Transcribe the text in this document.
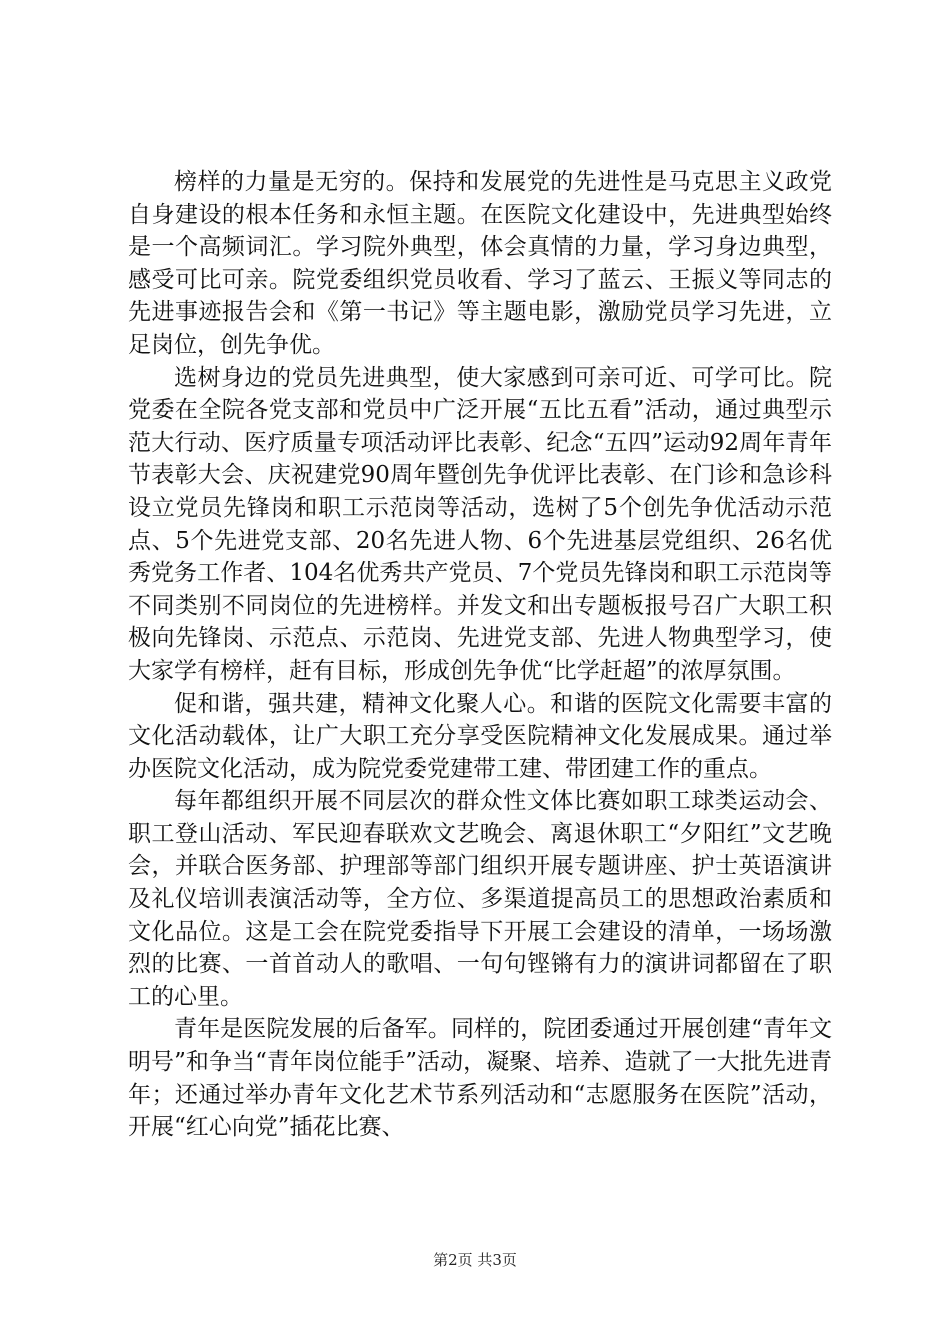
榜样的力量是无穷的。保持和发展党的先进性是马克思主义政党自身建设的根本任务和永恒主题。在医院文化建设中，先进典型始终是一个高频词汇。学习院外典型，体会真情的力量，学习身边典型，感受可比可亲。院党委组织党员收看、学习了蓝云、王振义等同志的先进事迹报告会和《第一书记》等主题电影，激励党员学习先进，立足岗位，创先争优。

选树身边的党员先进典型，使大家感到可亲可近、可学可比。院党委在全院各党支部和党员中广泛开展“五比五看”活动，通过典型示范大行动、医疗质量专项活动评比表彰、纪念“五四”运动92周年青年节表彰大会、庆祝建党90周年暨创先争优评比表彰、在门诊和急诊科设立党员先锋岗和职工示范岗等活动，选树了5个创先争优活动示范点、5个先进党支部、20名先进人物、6个先进基层党组织、26名优秀党务工作者、104名优秀共产党员、7个党员先锋岗和职工示范岗等不同类别不同岗位的先进榜样。并发文和出专题板报号召广大职工积极向先锋岗、示范点、示范岗、先进党支部、先进人物典型学习，使大家学有榜样，赶有目标，形成创先争优“比学赶超”的浓厚氛围。

促和谐，强共建，精神文化聚人心。和谐的医院文化需要丰富的文化活动载体，让广大职工充分享受医院精神文化发展成果。通过举办医院文化活动，成为院党委党建带工建、带团建工作的重点。

每年都组织开展不同层次的群众性文体比赛如职工球类运动会、职工登山活动、军民迎春联欢文艺晚会、离退休职工“夕阳红”文艺晚会，并联合医务部、护理部等部门组织开展专题讲座、护士英语演讲及礼仪培训表演活动等，全方位、多渠道提高员工的思想政治素质和文化品位。这是工会在院党委指导下开展工会建设的清单，一场场激烈的比赛、一首首动人的歌唱、一句句铿锵有力的演讲词都留在了职工的心里。

青年是医院发展的后备军。同样的，院团委通过开展创建“青年文明号”和争当“青年岗位能手”活动，凝聚、培养、造就了一大批先进青年；还通过举办青年文化艺术节系列活动和“志愿服务在医院”活动，开展“红心向党”插花比赛、

第2页 共3页
